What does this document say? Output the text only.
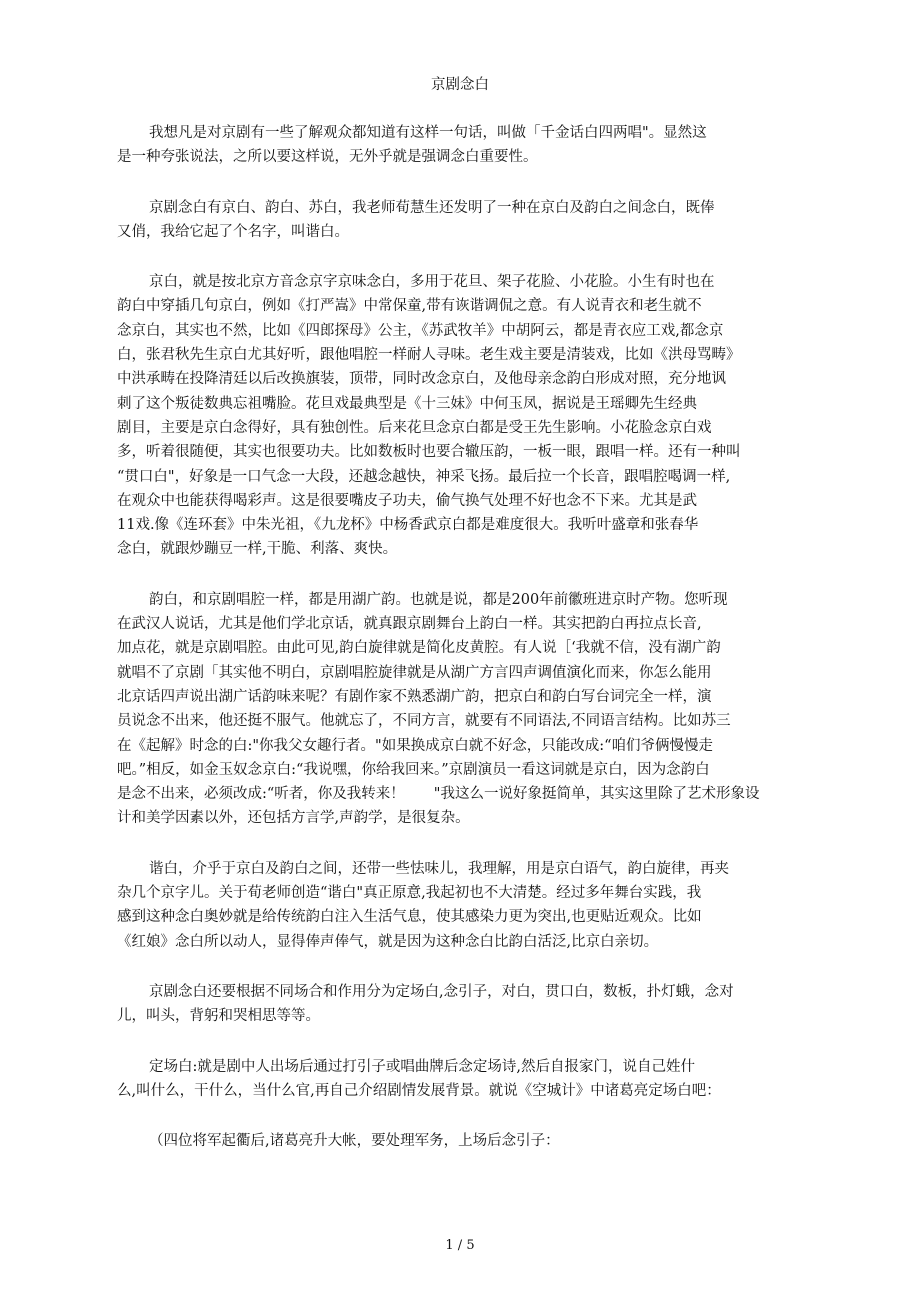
京剧念白
我想凡是对京剧有一些了解观众都知道有这样一句话，叫做「千金话白四两唱"。显然这
是一种夸张说法，之所以要这样说，无外乎就是强调念白重要性。
京剧念白有京白、韵白、苏白，我老师荀慧生还发明了一种在京白及韵白之间念白，既俸
又俏，我给它起了个名字，叫谐白。
京白，就是按北京方音念京字京味念白，多用于花旦、架子花脸、小花脸。小生有时也在
韵白中穿插几句京白，例如《打严嵩》中常保童,带有诙谐调侃之意。有人说青衣和老生就不
念京白，其实也不然，比如《四郎探母》公主，《苏武牧羊》中胡阿云，都是青衣应工戏,都念京
白，张君秋先生京白尤其好听，跟他唱腔一样耐人寻味。老生戏主要是清装戏，比如《洪母骂畴》
中洪承畴在投降清廷以后改换旗装，顶带，同时改念京白，及他母亲念韵白形成对照，充分地讽
刺了这个叛徒数典忘祖嘴脸。花旦戏最典型是《十三妹》中何玉凤，据说是王瑶卿先生经典
剧目，主要是京白念得好，具有独创性。后来花旦念京白都是受王先生影响。小花脸念京白戏
多，听着很随便，其实也很要功夫。比如数板时也要合辙压韵，一板一眼，跟唱一样。还有一种叫
“贯口白"，好象是一口气念一大段，还越念越快，神采飞扬。最后拉一个长音，跟唱腔喝调一样,
在观众中也能获得喝彩声。这是很要嘴皮子功夫，偷气换气处理不好也念不下来。尤其是武
11戏.像《连环套》中朱光祖，《九龙杯》中杨香武京白都是难度很大。我听叶盛章和张春华
念白，就跟炒蹦豆一样,干脆、利落、爽快。
韵白，和京剧唱腔一样，都是用湖广韵。也就是说，都是200年前徽班进京时产物。您听现
在武汉人说话，尤其是他们学北京话，就真跟京剧舞台上韵白一样。其实把韵白再拉点长音,
加点花，就是京剧唱腔。由此可见,韵白旋律就是简化皮黄腔。有人说［‘我就不信，没有湖广韵
就唱不了京剧「其实他不明白，京剧唱腔旋律就是从湖广方言四声调值演化而来，你怎么能用
北京话四声说出湖广话韵味来呢？有剧作家不熟悉湖广韵，把京白和韵白写台词完全一样，演
员说念不出来，他还挺不服气。他就忘了，不同方言，就要有不同语法,不同语言结构。比如苏三
在《起解》时念的白:"你我父女趣行者。"如果换成京白就不好念，只能改成:“咱们爷俩慢慢走
吧。”相反，如金玉奴念京白:“我说嘿，你给我回来。”京剧演员一看这词就是京白，因为念韵白
是念不出来，必须改成:“听者，你及我转来！　　"我这么一说好象挺简单，其实这里除了艺术形象设
计和美学因素以外，还包括方言学,声韵学，是很复杂。
谐白，介乎于京白及韵白之间，还带一些怯味儿，我理解，用是京白语气，韵白旋律，再夹
杂几个京字儿。关于荀老师创造“谐白"真正原意,我起初也不大清楚。经过多年舞台实践，我
感到这种念白奥妙就是给传统韵白注入生活气息，使其感染力更为突出,也更贴近观众。比如
《红娘》念白所以动人，显得俸声俸气，就是因为这种念白比韵白活泛,比京白亲切。
京剧念白还要根据不同场合和作用分为定场白,念引子，对白，贯口白，数板，扑灯蛾，念对
儿，叫头，背躬和哭相思等等。
定场白:就是剧中人出场后通过打引子或唱曲牌后念定场诗,然后自报家门，说自己姓什
么,叫什么，干什么，当什么官,再自己介绍剧情发展背景。就说《空城计》中诸葛亮定场白吧：
（四位将军起衢后,诸葛亮升大帐，要处理军务，上场后念引子：
1 / 5
